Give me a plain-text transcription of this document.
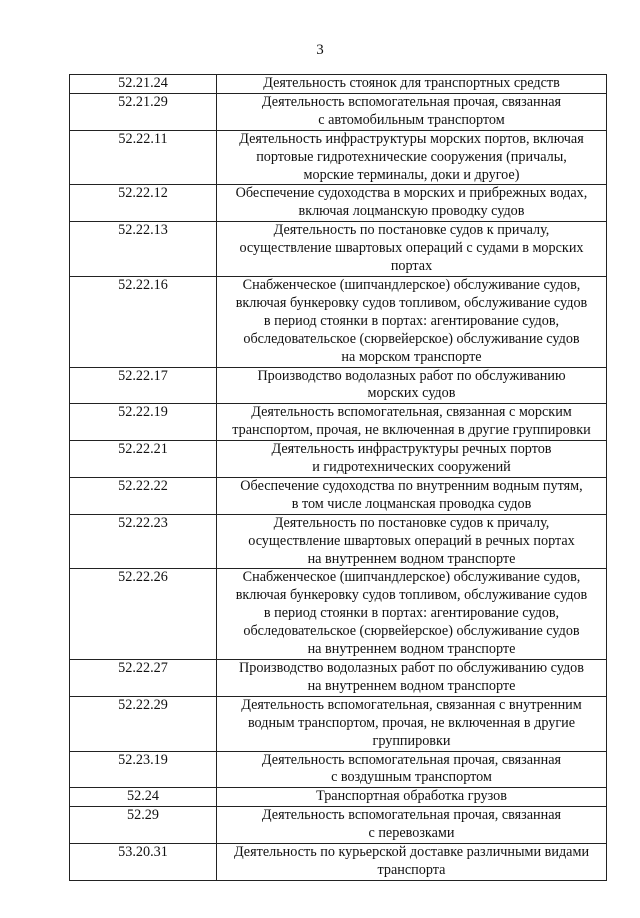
3
52.21.24	Деятельность стоянок для транспортных средств
52.21.29	Деятельность вспомогательная прочая, связанная
с автомобильным транспортом
52.22.11	Деятельность инфраструктуры морских портов, включая
портовые гидротехнические сооружения (причалы,
морские терминалы, доки и другое)
52.22.12	Обеспечение судоходства в морских и прибрежных водах,
включая лоцманскую проводку судов
52.22.13	Деятельность по постановке судов к причалу,
осуществление швартовых операций с судами в морских
портах
52.22.16	Снабженческое (шипчандлерское) обслуживание судов,
включая бункеровку судов топливом, обслуживание судов
в период стоянки в портах: агентирование судов,
обследовательское (сюрвейерское) обслуживание судов
на морском транспорте
52.22.17	Производство водолазных работ по обслуживанию
морских судов
52.22.19	Деятельность вспомогательная, связанная с морским
транспортом, прочая, не включенная в другие группировки
52.22.21	Деятельность инфраструктуры речных портов
и гидротехнических сооружений
52.22.22	Обеспечение судоходства по внутренним водным путям,
в том числе лоцманская проводка судов
52.22.23	Деятельность по постановке судов к причалу,
осуществление швартовых операций в речных портах
на внутреннем водном транспорте
52.22.26	Снабженческое (шипчандлерское) обслуживание судов,
включая бункеровку судов топливом, обслуживание судов
в период стоянки в портах: агентирование судов,
обследовательское (сюрвейерское) обслуживание судов
на внутреннем водном транспорте
52.22.27	Производство водолазных работ по обслуживанию судов
на внутреннем водном транспорте
52.22.29	Деятельность вспомогательная, связанная с внутренним
водным транспортом, прочая, не включенная в другие
группировки
52.23.19	Деятельность вспомогательная прочая, связанная
с воздушным транспортом
52.24	Транспортная обработка грузов
52.29	Деятельность вспомогательная прочая, связанная
с перевозками
53.20.31	Деятельность по курьерской доставке различными видами
транспорта
